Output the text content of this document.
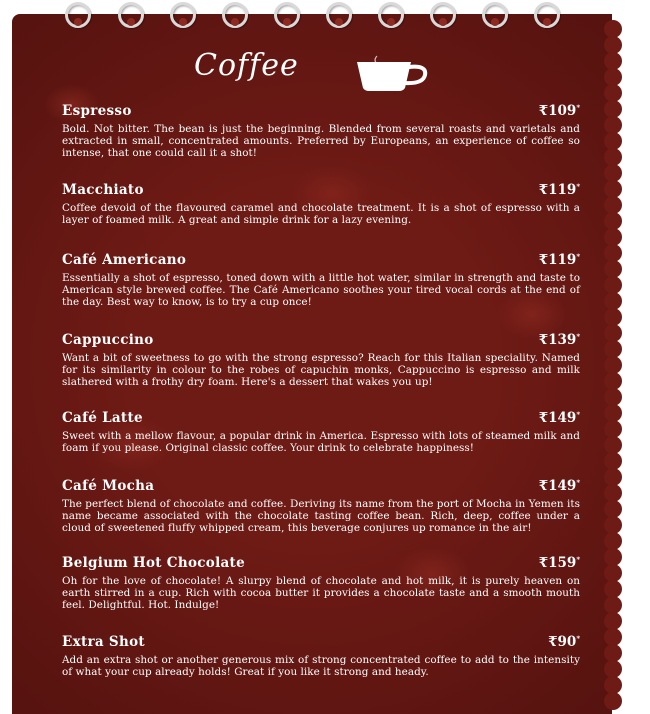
Coffee
Espresso	₹109*
Bold. Not bitter. The bean is just the beginning. Blended from several roasts and varietals and extracted in small, concentrated amounts. Preferred by Europeans, an experience of coffee so intense, that one could call it a shot!
Macchiato	₹119*
Coffee devoid of the flavoured caramel and chocolate treatment. It is a shot of espresso with a layer of foamed milk. A great and simple drink for a lazy evening.
Café Americano	₹119*
Essentially a shot of espresso, toned down with a little hot water, similar in strength and taste to American style brewed coffee. The Café Americano soothes your tired vocal cords at the end of the day. Best way to know, is to try a cup once!
Cappuccino	₹139*
Want a bit of sweetness to go with the strong espresso? Reach for this Italian speciality. Named for its similarity in colour to the robes of capuchin monks, Cappuccino is espresso and milk slathered with a frothy dry foam. Here's a dessert that wakes you up!
Café Latte	₹149*
Sweet with a mellow flavour, a popular drink in America. Espresso with lots of steamed milk and foam if you please. Original classic coffee. Your drink to celebrate happiness!
Café Mocha	₹149*
The perfect blend of chocolate and coffee. Deriving its name from the port of Mocha in Yemen its name became associated with the chocolate tasting coffee bean. Rich, deep, coffee under a cloud of sweetened fluffy whipped cream, this beverage conjures up romance in the air!
Belgium Hot Chocolate	₹159*
Oh for the love of chocolate! A slurpy blend of chocolate and hot milk, it is purely heaven on earth stirred in a cup. Rich with cocoa butter it provides a chocolate taste and a smooth mouth feel. Delightful. Hot. Indulge!
Extra Shot	₹90*
Add an extra shot or another generous mix of strong concentrated coffee to add to the intensity of what your cup already holds! Great if you like it strong and heady.
